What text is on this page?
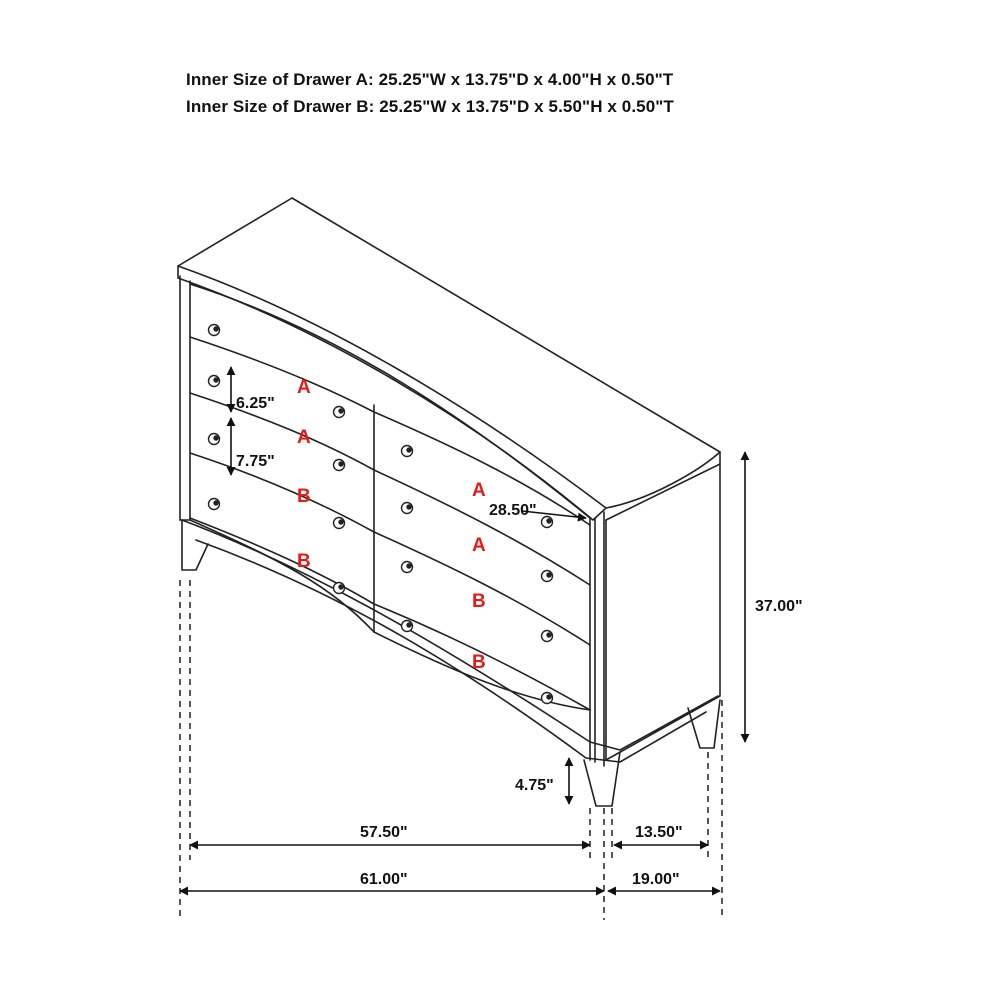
Inner Size of Drawer A: 25.25"W x 13.75"D x 4.00"H x 0.50"T
Inner Size of Drawer B: 25.25"W x 13.75"D x 5.50"H x 0.50"T
A
A
B
B
A
A
B
B
6.25"
7.75"
28.50"
37.00"
4.75"
57.50"
61.00"
13.50"
19.00"
